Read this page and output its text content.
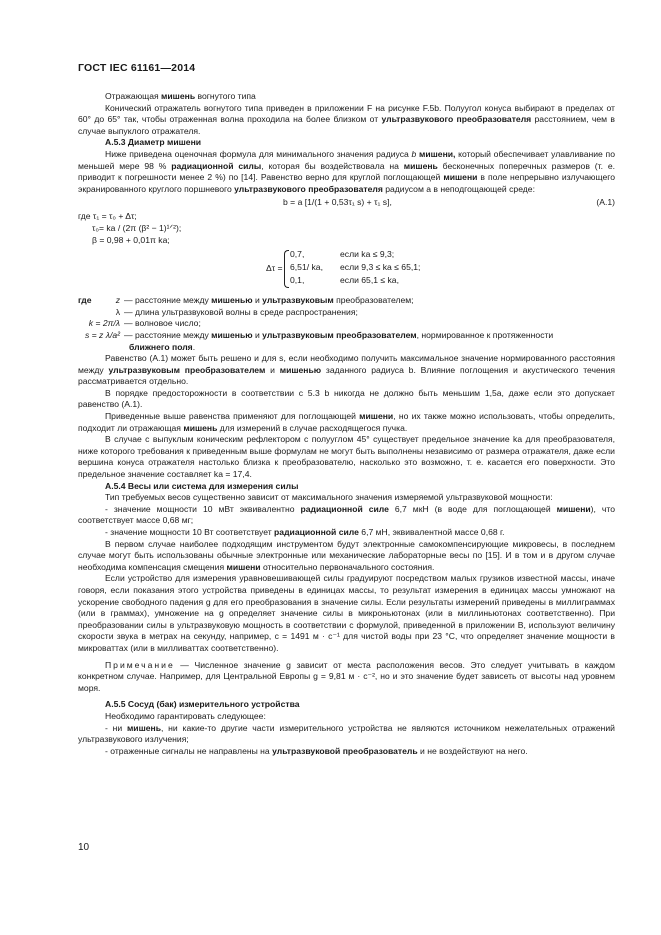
ГОСТ IEC 61161—2014

Отражающая мишень вогнутого типа

Конический отражатель вогнутого типа приведен в приложении F на рисунке F.5b. Полуугол конуса выбирают в пределах от 60° до 65° так, чтобы отраженная волна проходила на более близком от ультразвукового преобразователя расстоянием, чем в случае выпуклого отражателя.

A.5.3 Диаметр мишени

Ниже приведена оценочная формула для минимального значения радиуса b мишени, который обеспечивает улавливание по меньшей мере 98 % радиационной силы, которая бы воздействовала на мишень бесконечных поперечных размеров (т. е. приводит к погрешности менее 2 %) по [14]. Равенство верно для круглой поглощающей мишени в поле непрерывно излучающего экранированного круглого поршневого ультразвукового преобразователя радиусом a в неподгощающей среде:

b = a [1/(1 + 0,53τ₁ s) + τ₁ s],	(A.1)
где τ₁ = τ₀ + Δτ;
τ₀= ka / (2π (β² − 1)¹ᐟ²);
β = 0,98 + 0,01π ka;
Δτ =
0,7,	если ka ≤ 9,3;
6,51/ ka, если 9,3 ≤ ka ≤ 65,1;
0,1,	если 65,1 ≤ ka,
где	z — расстояние между мишенью и ультразвуковым преобразователем;
λ — длина ультразвуковой волны в среде распространения;
k = 2π/λ — волновое число;
s = z λ/a² — расстояние между мишенью и ультразвуковым преобразователем, нормированное к протяженности
ближнего поля.

Равенство (А.1) может быть решено и для s, если необходимо получить максимальное значение нормированного расстояния между ультразвуковым преобразователем и мишенью заданного радиуса b. Влияние поглощения и акустического течения рассматривается отдельно.

В порядке предосторожности в соответствии с 5.3 b никогда не должно быть меньшим 1,5a, даже если это допускает равенство (А.1).

Приведенные выше равенства применяют для поглощающей мишени, но их также можно использовать, чтобы определить, подходит ли отражающая мишень для измерений в случае расходящегося пучка.

В случае с выпуклым коническим рефлектором с полууглом 45° существует предельное значение ka для преобразователя, ниже которого требования к приведенным выше формулам не могут быть выполнены независимо от размера отражателя, даже если вершина конуса отражателя настолько близка к преобразователю, насколько это возможно, т. е. касается его поверхности. Это предельное значение составляет ka = 17,4.

A.5.4 Весы или система для измерения силы

Тип требуемых весов существенно зависит от максимального значения измеряемой ультразвуковой мощности:

- значение мощности 10 мВт эквивалентно радиационной силе 6,7 мкН (в воде для поглощающей мишени), что соответствует массе 0,68 мг;

- значение мощности 10 Вт соответствует радиационной силе 6,7 мН, эквивалентной массе 0,68 г.

В первом случае наиболее подходящим инструментом будут электронные самокомпенсирующие микровесы, в последнем случае могут быть использованы обычные электронные или механические лабораторные весы по [15]. И в том и в другом случае необходима компенсация смещения мишени относительно первоначального состояния.

Если устройство для измерения уравновешивающей силы градуируют посредством малых грузиков известной массы, иначе говоря, если показания этого устройства приведены в единицах массы, то результат измерения в единицах массы умножают на ускорение свободного падения g для его преобразования в значение силы. Если результаты измерений приведены в миллиграммах (или в граммах), умножение на g определяет значение силы в микроньютонах (или в миллиньютонах соответственно). При преобразовании силы в ультразвуковую мощность в соответствии с формулой, приведенной в приложении В, используют величину скорости звука в метрах на секунду, например, c = 1491 м · с⁻¹ для чистой воды при 23 °С, что определяет значение мощности в микроваттах (или в милливаттах соответственно).

Примечание — Численное значение g зависит от места расположения весов. Это следует учитывать в каждом конкретном случае. Например, для Центральной Европы g = 9,81 м · с⁻², но и это значение будет зависеть от высоты над уровнем моря.

A.5.5 Сосуд (бак) измерительного устройства

Необходимо гарантировать следующее:

- ни мишень, ни какие-то другие части измерительного устройства не являются источником нежелательных отражений ультразвукового излучения;

- отраженные сигналы не направлены на ультразвуковой преобразователь и не воздействуют на него.

10
